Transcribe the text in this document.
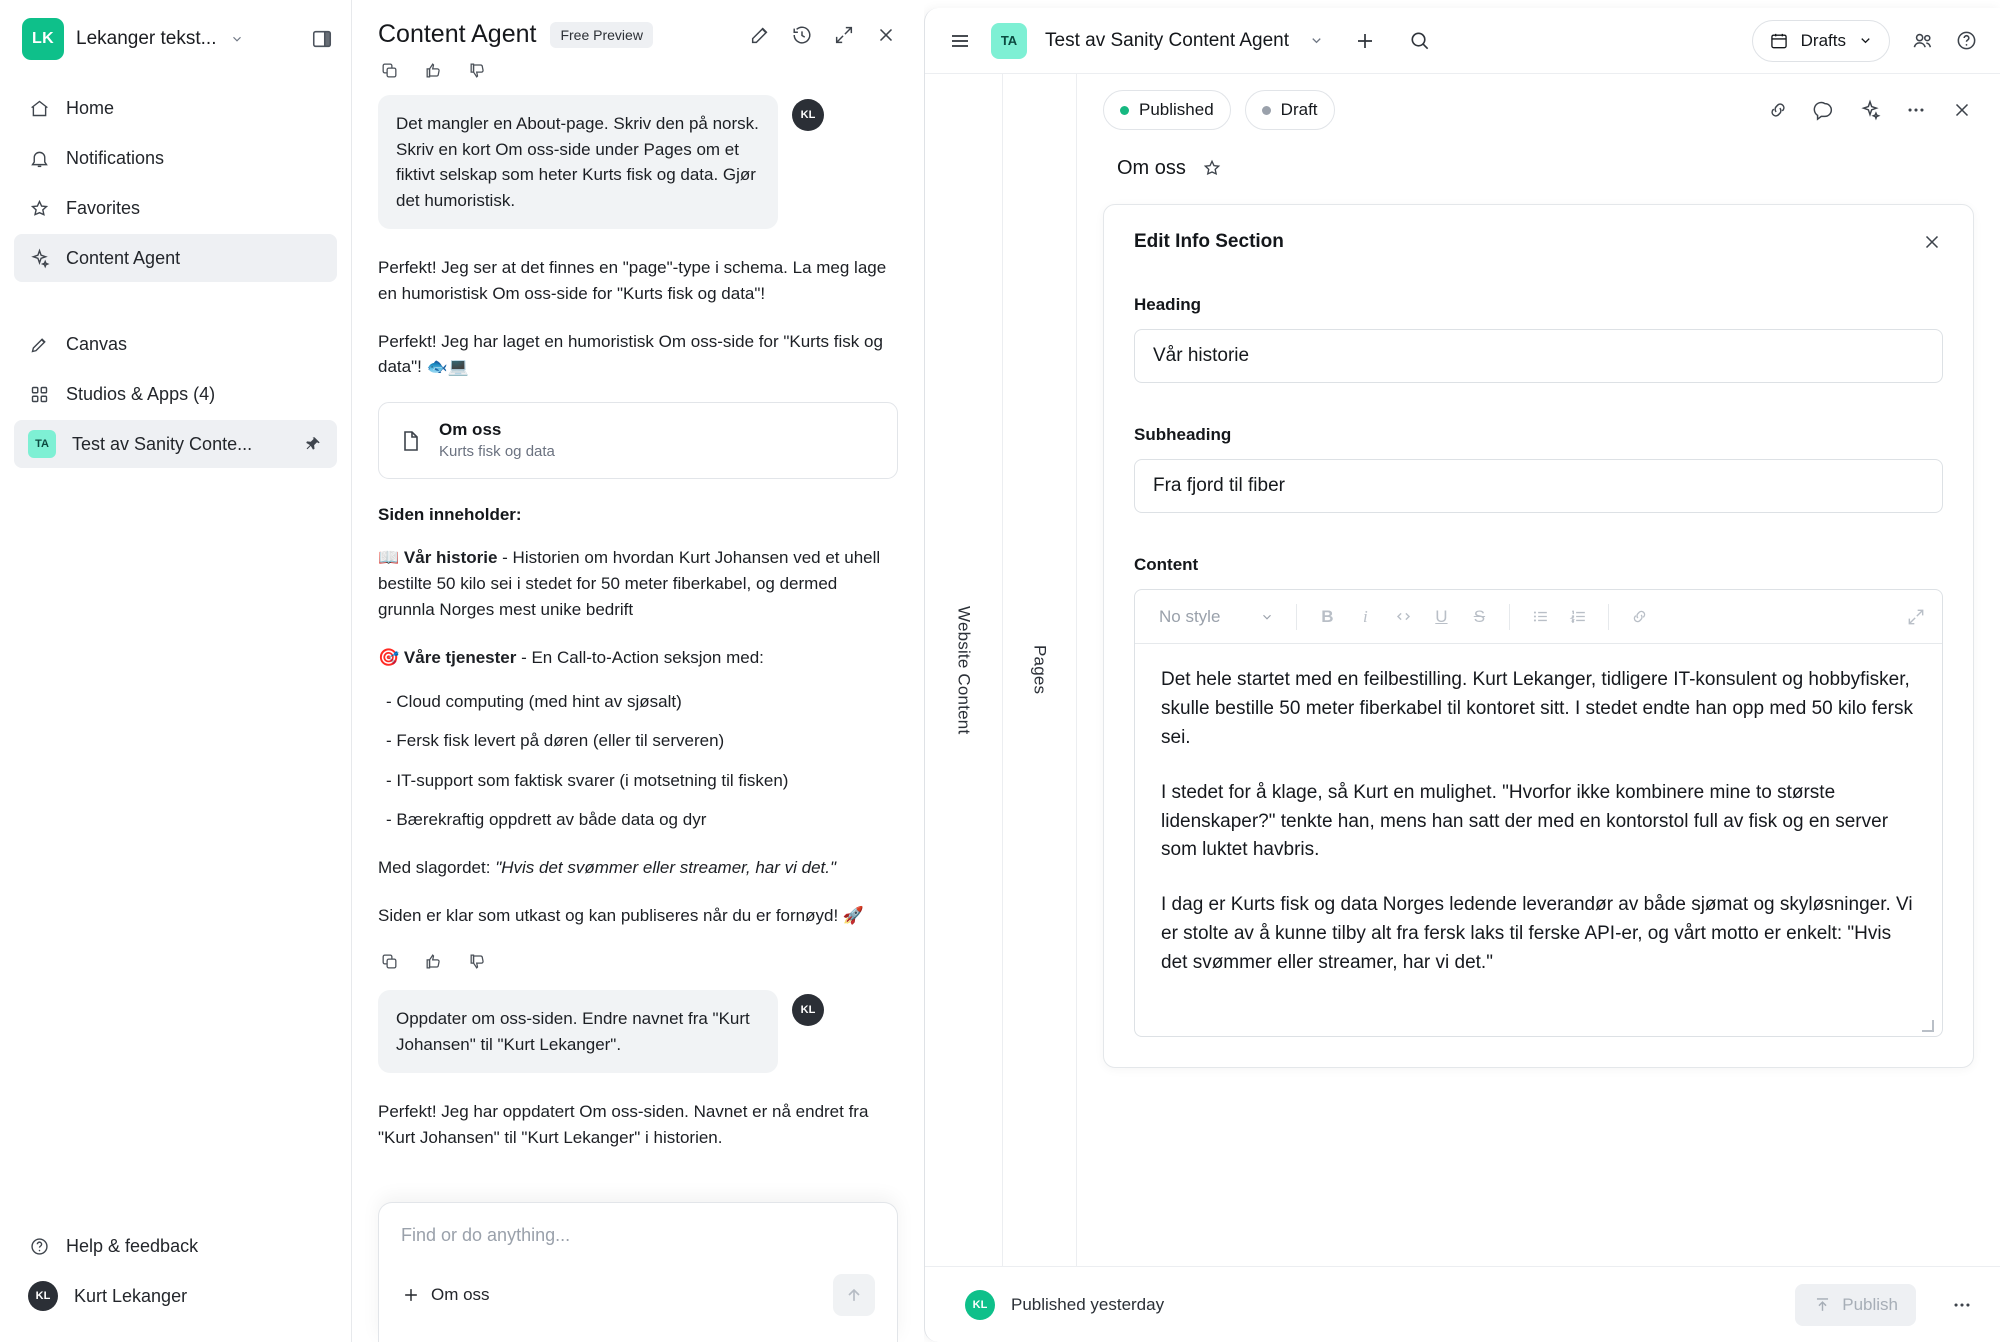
LK	Lekanger tekst...
Home
Notifications
Favorites
Content Agent
Canvas
Studios & Apps (4)
TA	Test av Sanity Conte...
Help & feedback
KL	Kurt Lekanger
Content Agent	Free Preview
Det mangler en About-page. Skriv den på norsk. Skriv en kort Om oss-side under Pages om et fiktivt selskap som heter Kurts fisk og data. Gjør det humoristisk.
KL

Perfekt! Jeg ser at det finnes en "page"-type i schema. La meg lage en humoristisk Om oss-side for "Kurts fisk og data"!

Perfekt! Jeg har laget en humoristisk Om oss-side for "Kurts fisk og data"! 🐟💻

Om oss
Kurts fisk og data
Siden inneholder:

📖 Vår historie - Historien om hvordan Kurt Johansen ved et uhell bestilte 50 kilo sei i stedet for 50 meter fiberkabel, og dermed grunnla Norges mest unike bedrift

🎯 Våre tjenester - En Call-to-Action seksjon med:

- Cloud computing (med hint av sjøsalt)

- Fersk fisk levert på døren (eller til serveren)

- IT-support som faktisk svarer (i motsetning til fisken)

- Bærekraftig oppdrett av både data og dyr

Med slagordet: "Hvis det svømmer eller streamer, har vi det."

Siden er klar som utkast og kan publiseres når du er fornøyd! 🚀

Oppdater om oss-siden. Endre navnet fra "Kurt Johansen" til "Kurt Lekanger".
KL

Perfekt! Jeg har oppdatert Om oss-siden. Navnet er nå endret fra "Kurt Johansen" til "Kurt Lekanger" i historien.

Find or do anything...
Om oss
TA	Test av Sanity Content Agent	Drafts
Website Content	Pages
Published	Draft
Om oss
Edit Info Section
Heading
Vår historie
Subheading
Fra fjord til fiber
Content
No style	B	i	U	S

Det hele startet med en feilbestilling. Kurt Lekanger, tidligere IT-konsulent og hobbyfisker, skulle bestille 50 meter fiberkabel til kontoret sitt. I stedet endte han opp med 50 kilo fersk sei.

I stedet for å klage, så Kurt en mulighet. "Hvorfor ikke kombinere mine to største lidenskaper?" tenkte han, mens han satt der med en kontorstol full av fisk og en server som luktet havbris.

I dag er Kurts fisk og data Norges ledende leverandør av både sjømat og skyløsninger. Vi er stolte av å kunne tilby alt fra fersk laks til ferske API-er, og vårt motto er enkelt: "Hvis det svømmer eller streamer, har vi det."

KL	Published yesterday	Publish
